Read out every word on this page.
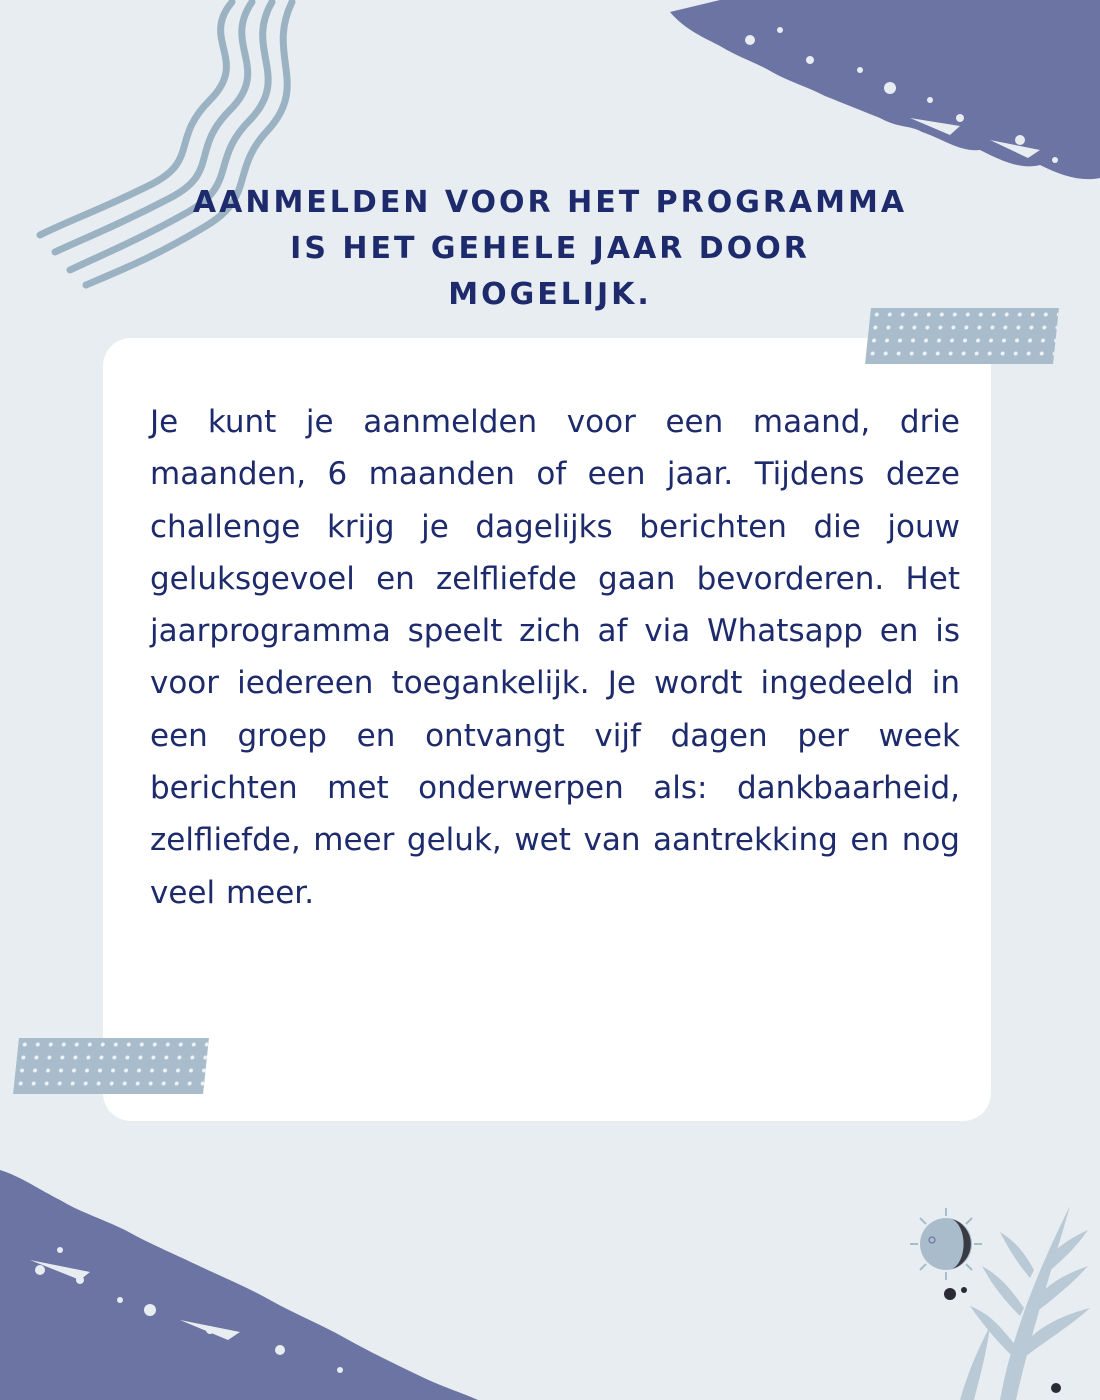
AANMELDEN VOOR HET PROGRAMMA IS HET GEHELE JAAR DOOR MOGELIJK.

Je kunt je aanmelden voor een maand, drie maanden, 6 maanden of een jaar. Tijdens deze challenge krijg je dagelijks berichten die jouw geluksgevoel en zelfliefde gaan bevorderen. Het jaarprogramma speelt zich af via Whatsapp en is voor iedereen toegankelijk. Je wordt ingedeeld in een groep en ontvangt vijf dagen per week berichten met onderwerpen als: dankbaarheid, zelfliefde, meer geluk, wet van aantrekking en nog veel meer.
